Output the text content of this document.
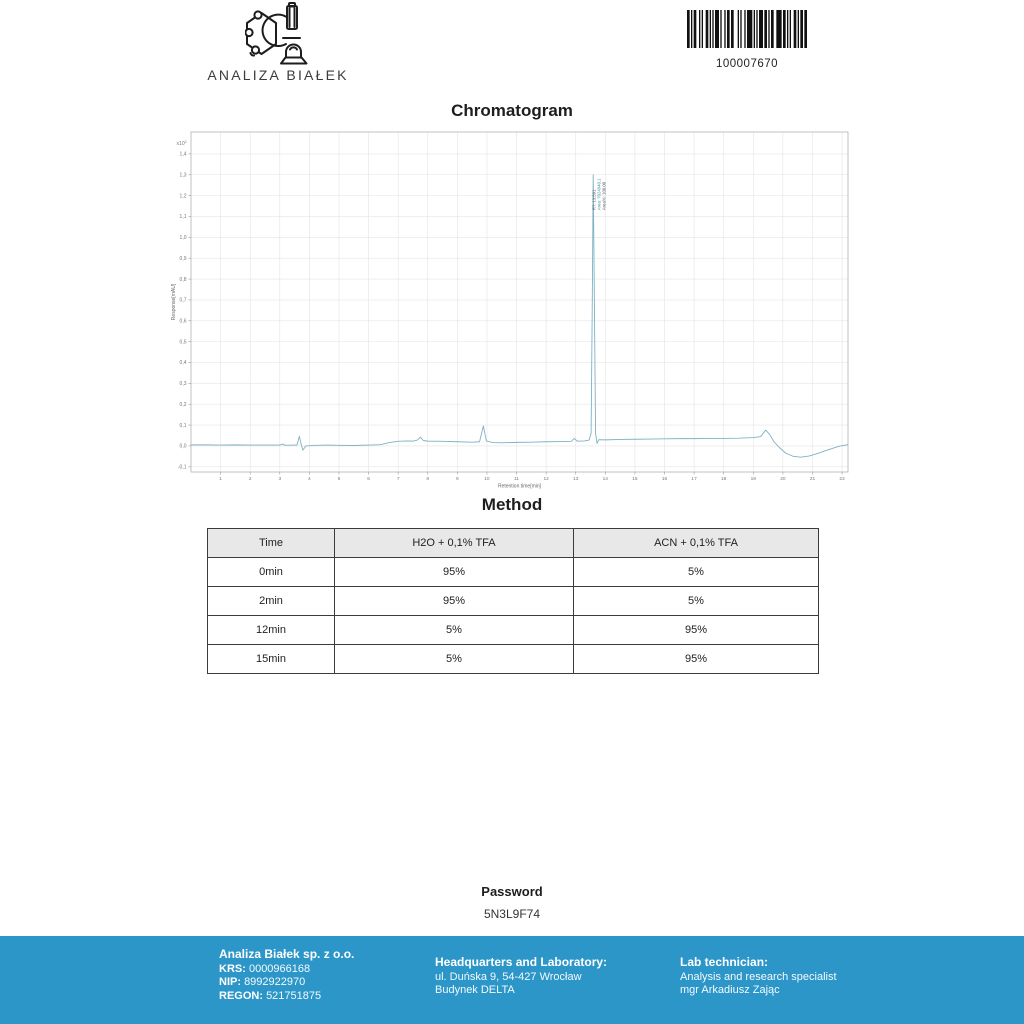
ANALIZA BIAŁEK
100007670
Chromatogram
-0,1
0,0
0,1
0,2
0,3
0,4
0,5
0,6
0,7
0,8
0,9
1,0
1,1
1,2
1,3
1,4
1	2	3	4	5	6	7	8	9	10	11	12	13	14	15	16	17	18	19	20	21	22
$x10^2$
Response[mAU]
Retention time[min]
RT: 13.591 Area: 7024940.1 Area%: 100.00
Method
Time	H2O + 0,1% TFA	ACN + 0,1% TFA
0min	95%	5%
2min	95%	5%
12min	5%	95%
15min	5%	95%
Password
5N3L9F74
Analiza Białek sp. z o.o.
KRS: 0000966168
NIP: 8992922970
REGON: 521751875
Headquarters and Laboratory:
ul. Duńska 9, 54-427 Wrocław
Budynek DELTA
Lab technician:
Analysis and research specialist
mgr Arkadiusz Zając
